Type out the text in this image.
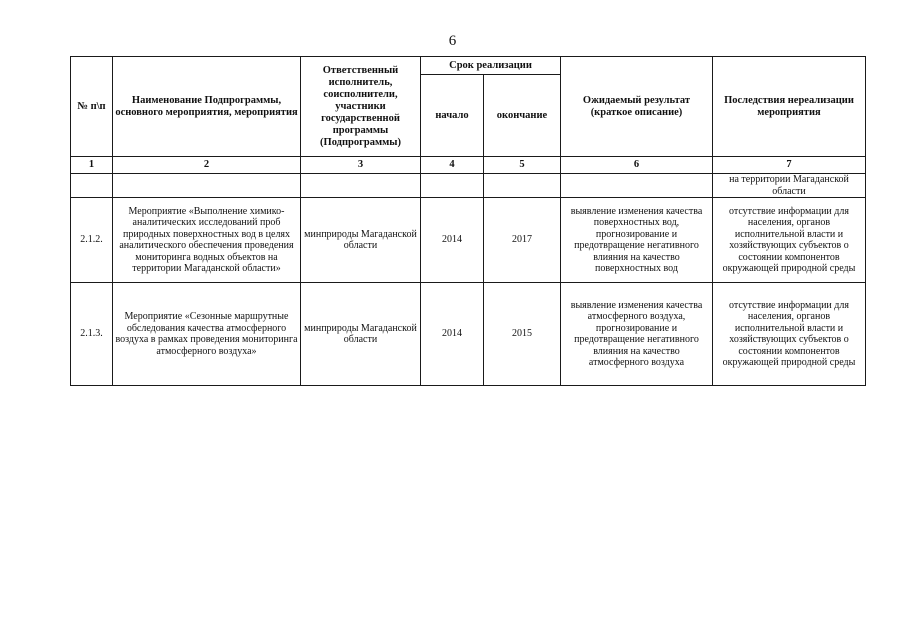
6
№ п\п	Наименование Подпрограммы, основного мероприятия, мероприятия	Ответственный исполнитель, соисполнители, участники государственной программы (Подпрограммы)	Срок реализации		Ожидаемый результат (краткое описание)	Последствия нереализации мероприятия
			начало	окончание		
1	2	3	4	5	6	7
						на территории Магаданской области
2.1.2.	Мероприятие «Выполнение химико-аналитических исследований проб природных поверхностных вод в целях аналитического обеспечения проведения мониторинга водных объектов на территории Магаданской области»	минприроды Магаданской области	2014	2017	выявление изменения качества поверхностных вод, прогнозирование и предотвращение негативного влияния на качество поверхностных вод	отсутствие информации для населения, органов исполнительной власти и хозяйствующих субъектов о состоянии компонентов окружающей природной среды
2.1.3.	Мероприятие «Сезонные маршрутные обследования качества атмосферного воздуха в рамках проведения мониторинга атмосферного воздуха»	минприроды Магаданской области	2014	2015	выявление изменения качества атмосферного воздуха, прогнозирование и предотвращение негативного влияния на качество атмосферного воздуха	отсутствие информации для населения, органов исполнительной власти и хозяйствующих субъектов о состоянии компонентов окружающей природной среды
